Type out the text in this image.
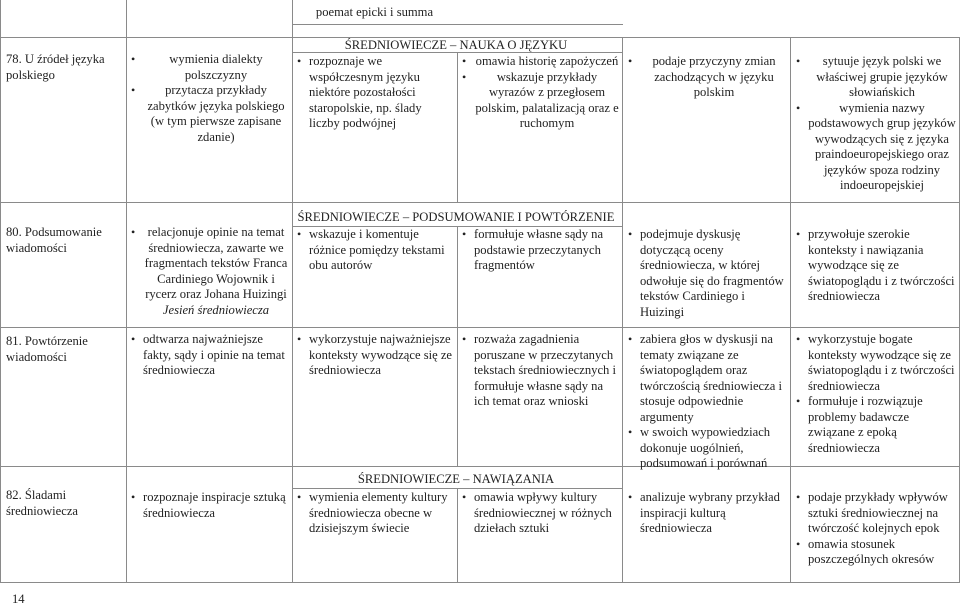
poemat epicki i summa
ŚREDNIOWIECZE – NAUKA O JĘZYKU
ŚREDNIOWIECZE – PODSUMOWANIE I POWTÓRZENIE
ŚREDNIOWIECZE – NAWIĄZANIA
78. U źródeł języka polskiego
80. Podsumowanie wiadomości
81. Powtórzenie wiadomości
82. Śladami średniowiecza
• wymienia dialekty polszczyzny
• przytacza przykłady zabytków języka polskiego (w tym pierwsze zapisane zdanie)
• rozpoznaje we współczesnym języku niektóre pozostałości staropolskie, np. ślady liczby podwójnej
• omawia historię zapożyczeń
• wskazuje przykłady wyrazów z przegłosem polskim, palatalizacją oraz e ruchomym
• podaje przyczyny zmian zachodzących w języku polskim
• sytuuje język polski we właściwej grupie języków słowiańskich
• wymienia nazwy podstawowych grup języków wywodzących się z języka praindoeuropejskiego oraz języków spoza rodziny indoeuropejskiej
• relacjonuje opinie na temat średniowiecza, zawarte we fragmentach tekstów Franca Cardiniego Wojownik i rycerz oraz Johana Huizingi Jesień średniowiecza
• wskazuje i komentuje różnice pomiędzy tekstami obu autorów
• formułuje własne sądy na podstawie przeczytanych fragmentów
• podejmuje dyskusję dotyczącą oceny średniowiecza, w której odwołuje się do fragmentów tekstów Cardiniego i Huizingi
• przywołuje szerokie konteksty i nawiązania wywodzące się ze światopoglądu i z twórczości średniowiecza
• odtwarza najważniejsze fakty, sądy i opinie na temat średniowiecza
• wykorzystuje najważniejsze konteksty wywodzące się ze średniowiecza
• rozważa zagadnienia poruszane w przeczytanych tekstach średniowiecznych i formułuje własne sądy na ich temat oraz wnioski
• zabiera głos w dyskusji na tematy związane ze światopoglądem oraz twórczością średniowiecza i stosuje odpowiednie argumenty
• w swoich wypowiedziach dokonuje uogólnień, podsumowań i porównań
• wykorzystuje bogate konteksty wywodzące się ze światopoglądu i z twórczości średniowiecza
• formułuje i rozwiązuje problemy badawcze związane z epoką średniowiecza
• rozpoznaje inspiracje sztuką średniowiecza
• wymienia elementy kultury średniowiecza obecne w dzisiejszym świecie
• omawia wpływy kultury średniowiecznej w różnych dziełach sztuki
• analizuje wybrany przykład inspiracji kulturą średniowiecza
• podaje przykłady wpływów sztuki średniowiecznej na twórczość kolejnych epok
• omawia stosunek poszczególnych okresów
14
